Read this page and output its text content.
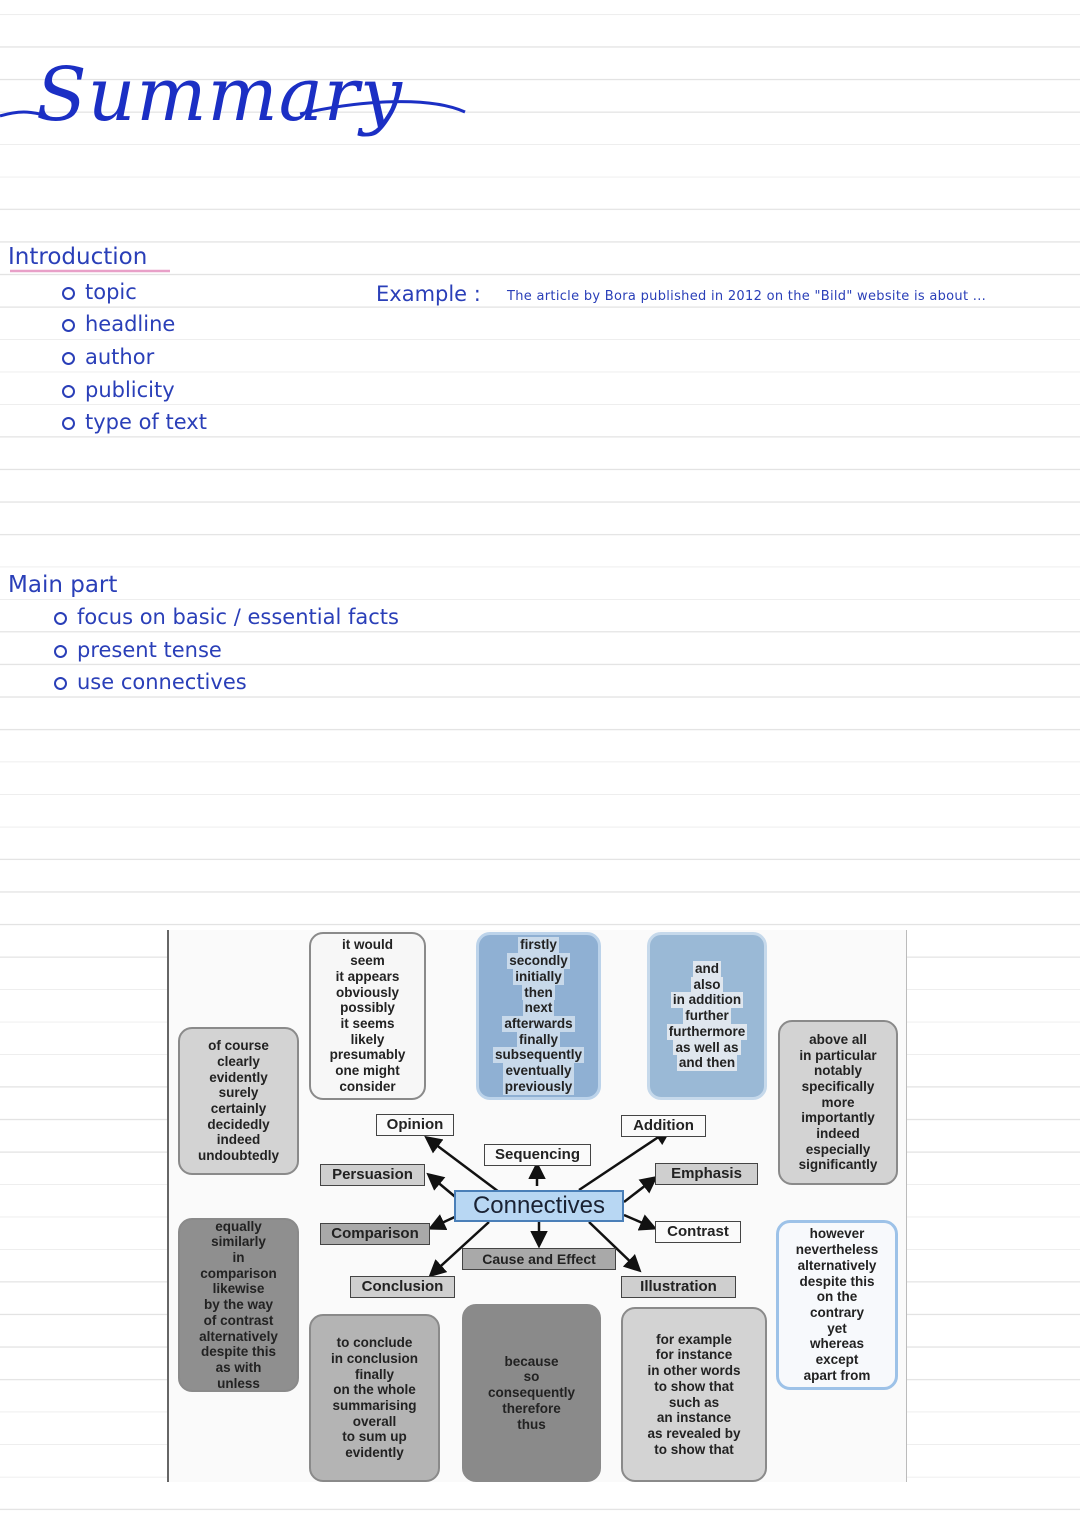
Summary
Introduction
topic
headline
author
publicity
type of text
Example : The article by Bora published in 2012 on the "Bild" website is about ...
Main part
focus on basic / essential facts
present tense
use connectives
it would
seem
it appears
obviously
possibly
it seems
likely
presumably
one might
consider
of course
clearly
evidently
surely
certainly
decidedly
indeed
undoubtedly
firstly
secondly
initially
then
next
afterwards
finally
subsequently
eventually
previously
and
also
in addition
further
furthermore
as well as
and then
above all
in particular
notably
specifically
more
importantly
indeed
especially
significantly
equally
similarly
in
comparison
likewise
by the way
of contrast
alternatively
despite this
as with
unless
to conclude
in conclusion
finally
on the whole
summarising
overall
to sum up
evidently
because
so
consequently
therefore
thus
for example
for instance
in other words
to show that
such as
an instance
as revealed by
to show that
however
nevertheless
alternatively
despite this
on the
contrary
yet
whereas
except
apart from
Opinion
Persuasion
Sequencing
Addition
Emphasis
Comparison
Conclusion
Cause and Effect
Illustration
Contrast
Connectives
